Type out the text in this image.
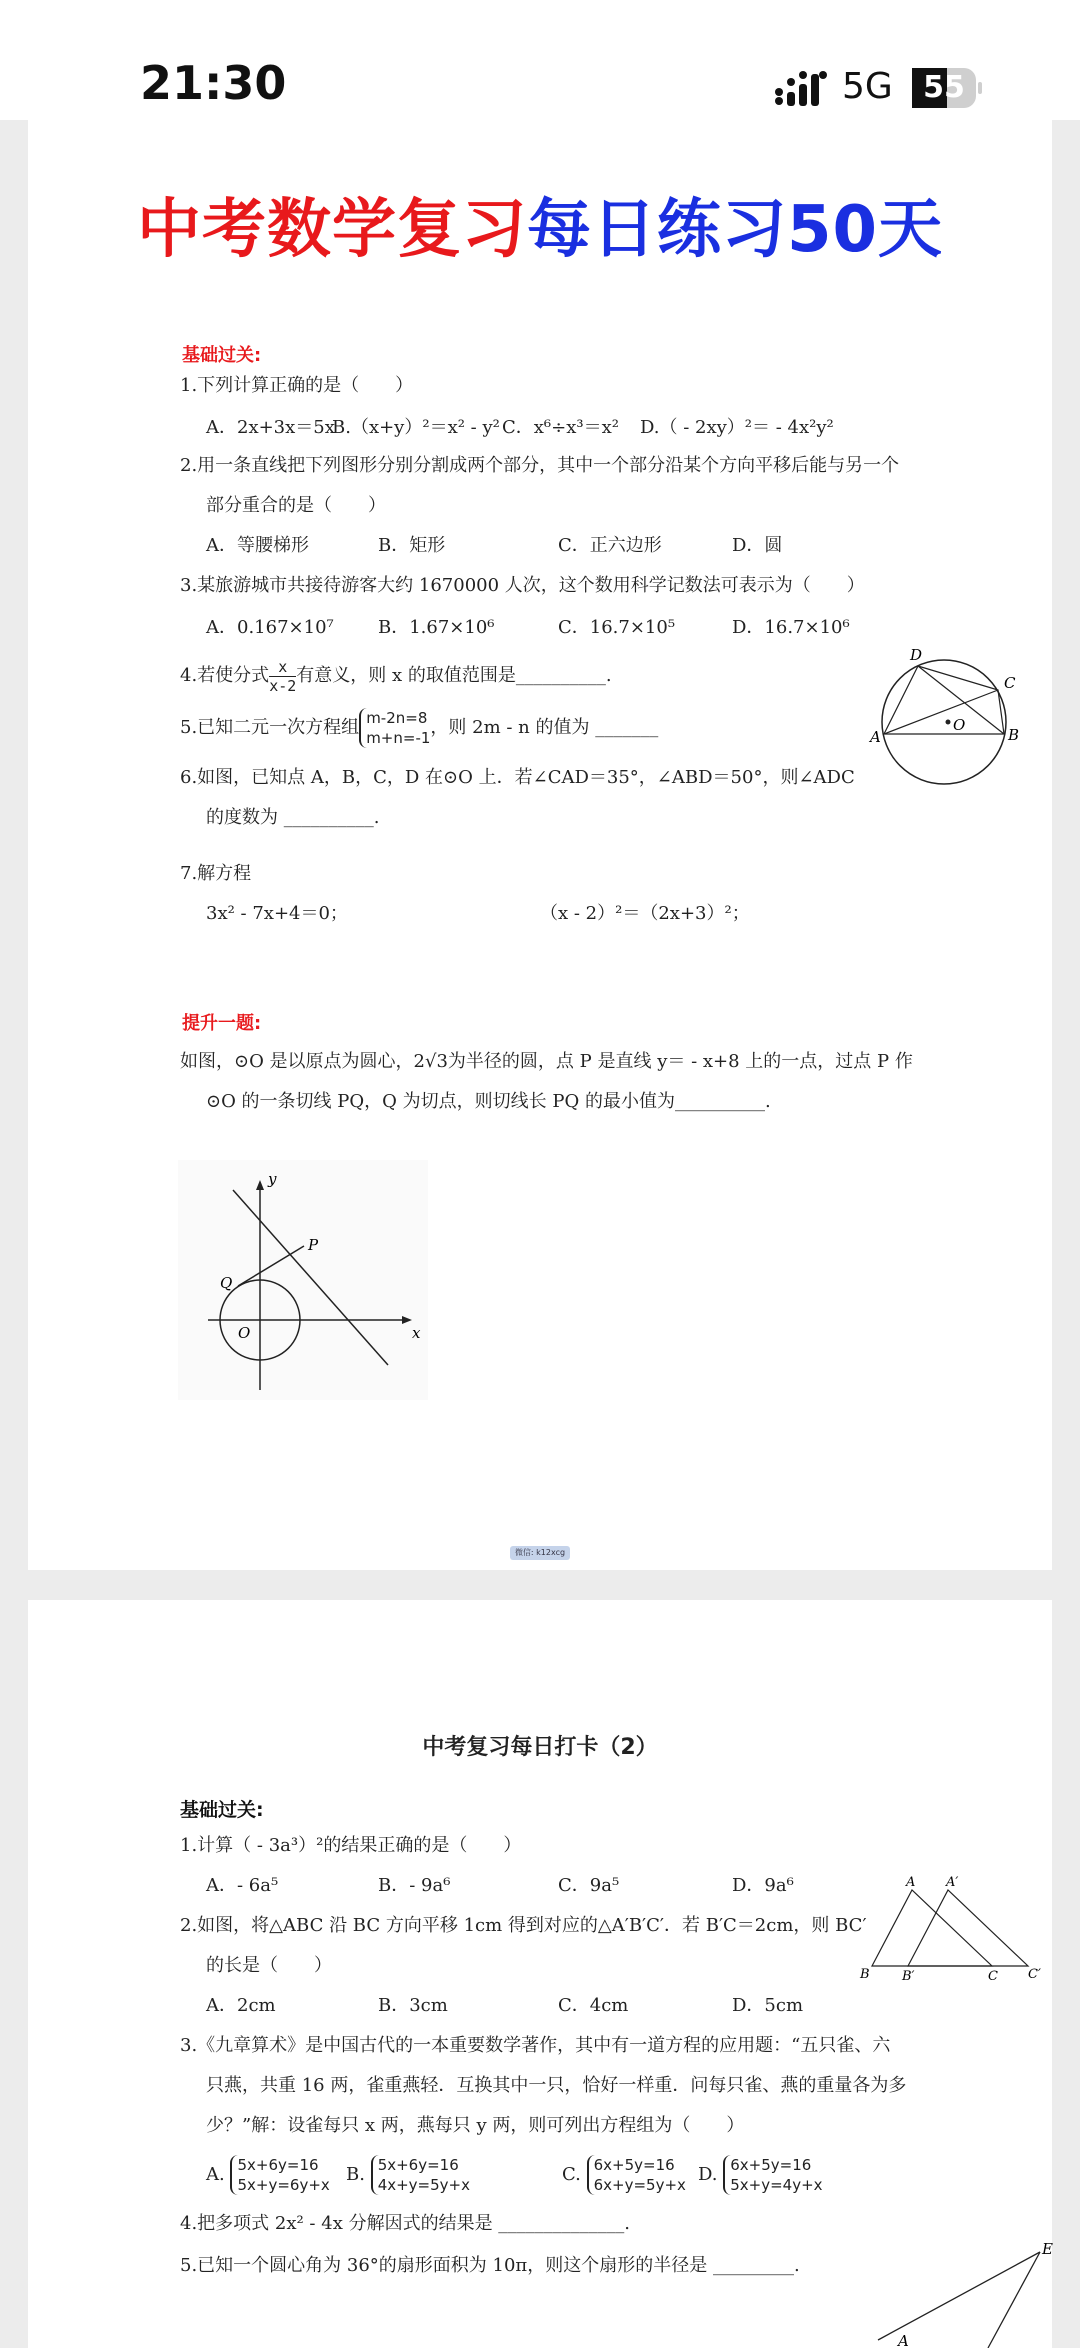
21:30	5G	55
中考数学复习每日练习50天
基础过关:
1.下列计算正确的是（　　）
A．2x+3x＝5x
B.（x+y）²＝x² - y² C．x⁶÷x³＝x² D.（ - 2xy）²＝ - 4x²y²
2.用一条直线把下列图形分别分割成两个部分，其中一个部分沿某个方向平移后能与另一个
部分重合的是（　　）
A．等腰梯形	B．矩形	C．正六边形	D．圆
3.某旅游城市共接待游客大约 1670000 人次，这个数用科学记数法可表示为（　　）
A．0.167×10⁷ B．1.67×10⁶	C．16.7×10⁵	D．16.7×10⁶
4.若使分式 $\frac{x}{x-2}$ 有意义，则 x 的取值范围是__________.
5.已知二元一次方程组 m-2n=8
m+n=-1 ，则 2m - n 的值为 _______
6.如图，已知点 A，B，C，D 在⊙O 上．若∠CAD＝35°，∠ABD＝50°，则∠ADC
的度数为 __________.
D
C
O
A	B
7.解方程
3x² - 7x+4＝0；	（x - 2）²＝（2x+3）²；
提升一题:
如图，⊙O 是以原点为圆心，2√3为半径的圆，点 P 是直线 y＝ - x+8 上的一点，过点 P 作
⊙O 的一条切线 PQ，Q 为切点，则切线长 PQ 的最小值为__________.
y
x
P
Q
O
微信: k12xcg
中考复习每日打卡（2）
基础过关:
1.计算（ - 3a³）²的结果正确的是（　　）
A．- 6a⁵	B．- 9a⁶	C．9a⁵	D．9a⁶
2.如图，将△ABC 沿 BC 方向平移 1cm 得到对应的△A′B′C′．若 B′C＝2cm，则 BC′
的长是（　　）
A．2cm	B．3cm	C．4cm	D．5cm
A A′
B B′	C C′
3.《九章算术》是中国古代的一本重要数学著作，其中有一道方程的应用题：“五只雀、六
只燕，共重 16 两，雀重燕轻．互换其中一只，恰好一样重．问每只雀、燕的重量各为多
少？”解：设雀每只 x 两，燕每只 y 两，则可列出方程组为（　　）
A. 5x+6y=16
5x+y=6y+x B. 5x+6y=16
4x+y=5y+x	C. 6x+5y=16
6x+y=5y+x D. 6x+5y=16
5x+y=4y+x
4.把多项式 2x² - 4x 分解因式的结果是 ______________.
5.已知一个圆心角为 36°的扇形面积为 10π，则这个扇形的半径是 _________.
E
A
